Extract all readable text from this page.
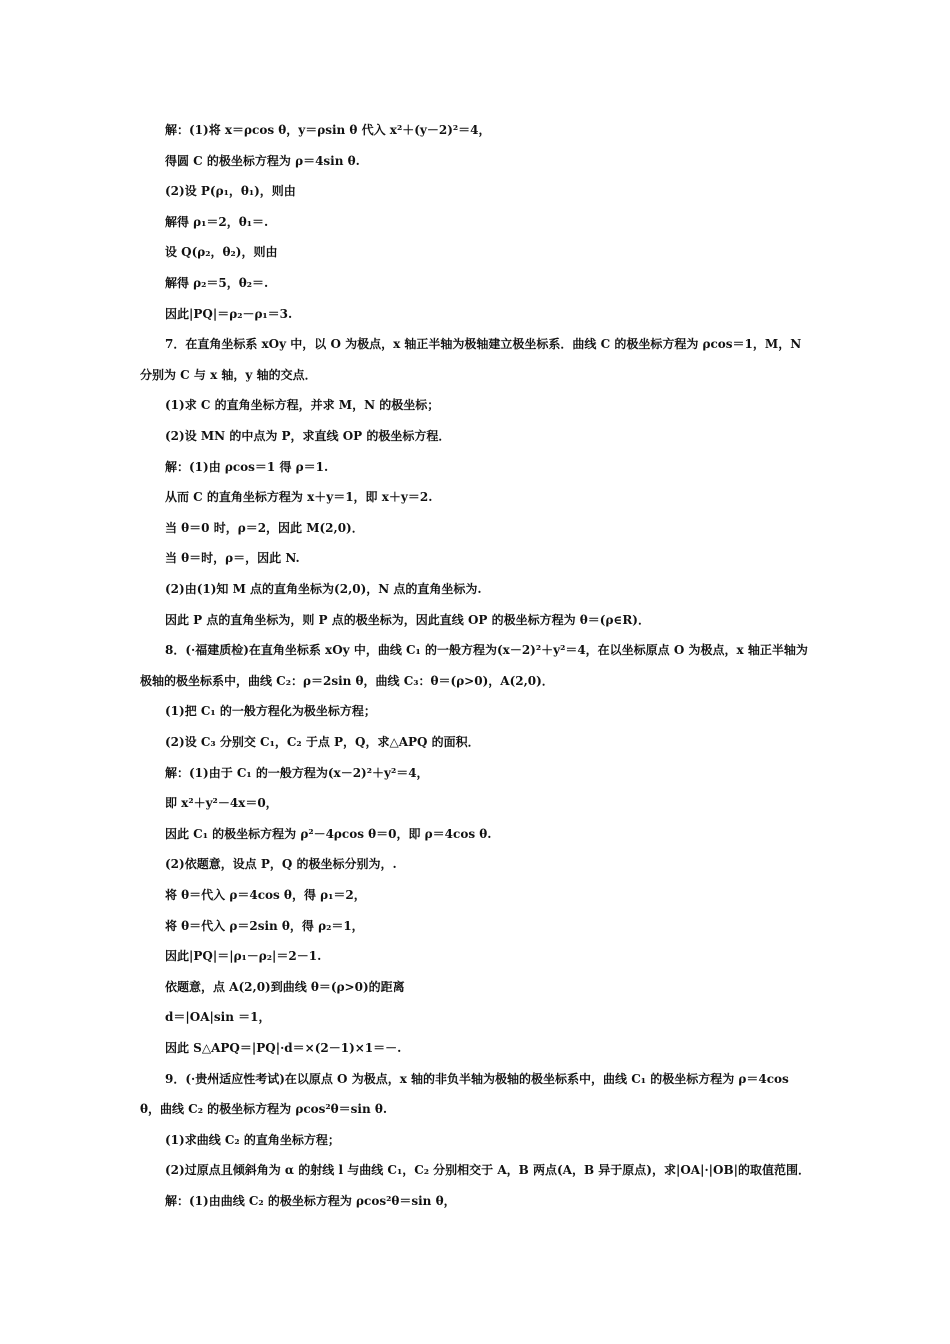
解：(1)将 x＝ρcos θ，y＝ρsin θ 代入 x²＋(y－2)²＝4，
得圆 C 的极坐标方程为 ρ＝4sin θ.
(2)设 P(ρ₁，θ₁)，则由
解得 ρ₁＝2，θ₁＝.
设 Q(ρ₂，θ₂)，则由
解得 ρ₂＝5，θ₂＝.
因此|PQ|＝ρ₂－ρ₁＝3.
7．在直角坐标系 xOy 中，以 O 为极点，x 轴正半轴为极轴建立极坐标系．曲线 C 的极坐标方程为 ρcos＝1，M，N
分别为 C 与 x 轴，y 轴的交点．
(1)求 C 的直角坐标方程，并求 M，N 的极坐标；
(2)设 MN 的中点为 P，求直线 OP 的极坐标方程．
解：(1)由 ρcos＝1 得 ρ＝1.
从而 C 的直角坐标方程为 x＋y＝1，即 x＋y＝2.
当 θ＝0 时，ρ＝2，因此 M(2,0)．
当 θ＝时，ρ＝，因此 N.
(2)由(1)知 M 点的直角坐标为(2,0)，N 点的直角坐标为.
因此 P 点的直角坐标为，则 P 点的极坐标为，因此直线 OP 的极坐标方程为 θ＝(ρ∈R)．
8．(·福建质检)在直角坐标系 xOy 中，曲线 C₁ 的一般方程为(x－2)²＋y²＝4，在以坐标原点 O 为极点，x 轴正半轴为
极轴的极坐标系中，曲线 C₂：ρ＝2sin θ，曲线 C₃：θ＝(ρ>0)，A(2,0)．
(1)把 C₁ 的一般方程化为极坐标方程；
(2)设 C₃ 分别交 C₁，C₂ 于点 P，Q，求△APQ 的面积．
解：(1)由于 C₁ 的一般方程为(x－2)²＋y²＝4，
即 x²＋y²－4x＝0，
因此 C₁ 的极坐标方程为 ρ²－4ρcos θ＝0，即 ρ＝4cos θ.
(2)依题意，设点 P，Q 的极坐标分别为，.
将 θ＝代入 ρ＝4cos θ，得 ρ₁＝2，
将 θ＝代入 ρ＝2sin θ，得 ρ₂＝1，
因此|PQ|＝|ρ₁－ρ₂|＝2－1.
依题意，点 A(2,0)到曲线 θ＝(ρ>0)的距离
d＝|OA|sin ＝1，
因此 S△APQ＝|PQ|·d＝×(2－1)×1＝－.
9．(·贵州适应性考试)在以原点 O 为极点，x 轴的非负半轴为极轴的极坐标系中，曲线 C₁ 的极坐标方程为 ρ＝4cos
θ，曲线 C₂ 的极坐标方程为 ρcos²θ＝sin θ.
(1)求曲线 C₂ 的直角坐标方程；
(2)过原点且倾斜角为 α 的射线 l 与曲线 C₁，C₂ 分别相交于 A，B 两点(A，B 异于原点)，求|OA|·|OB|的取值范围．
解：(1)由曲线 C₂ 的极坐标方程为 ρcos²θ＝sin θ，
